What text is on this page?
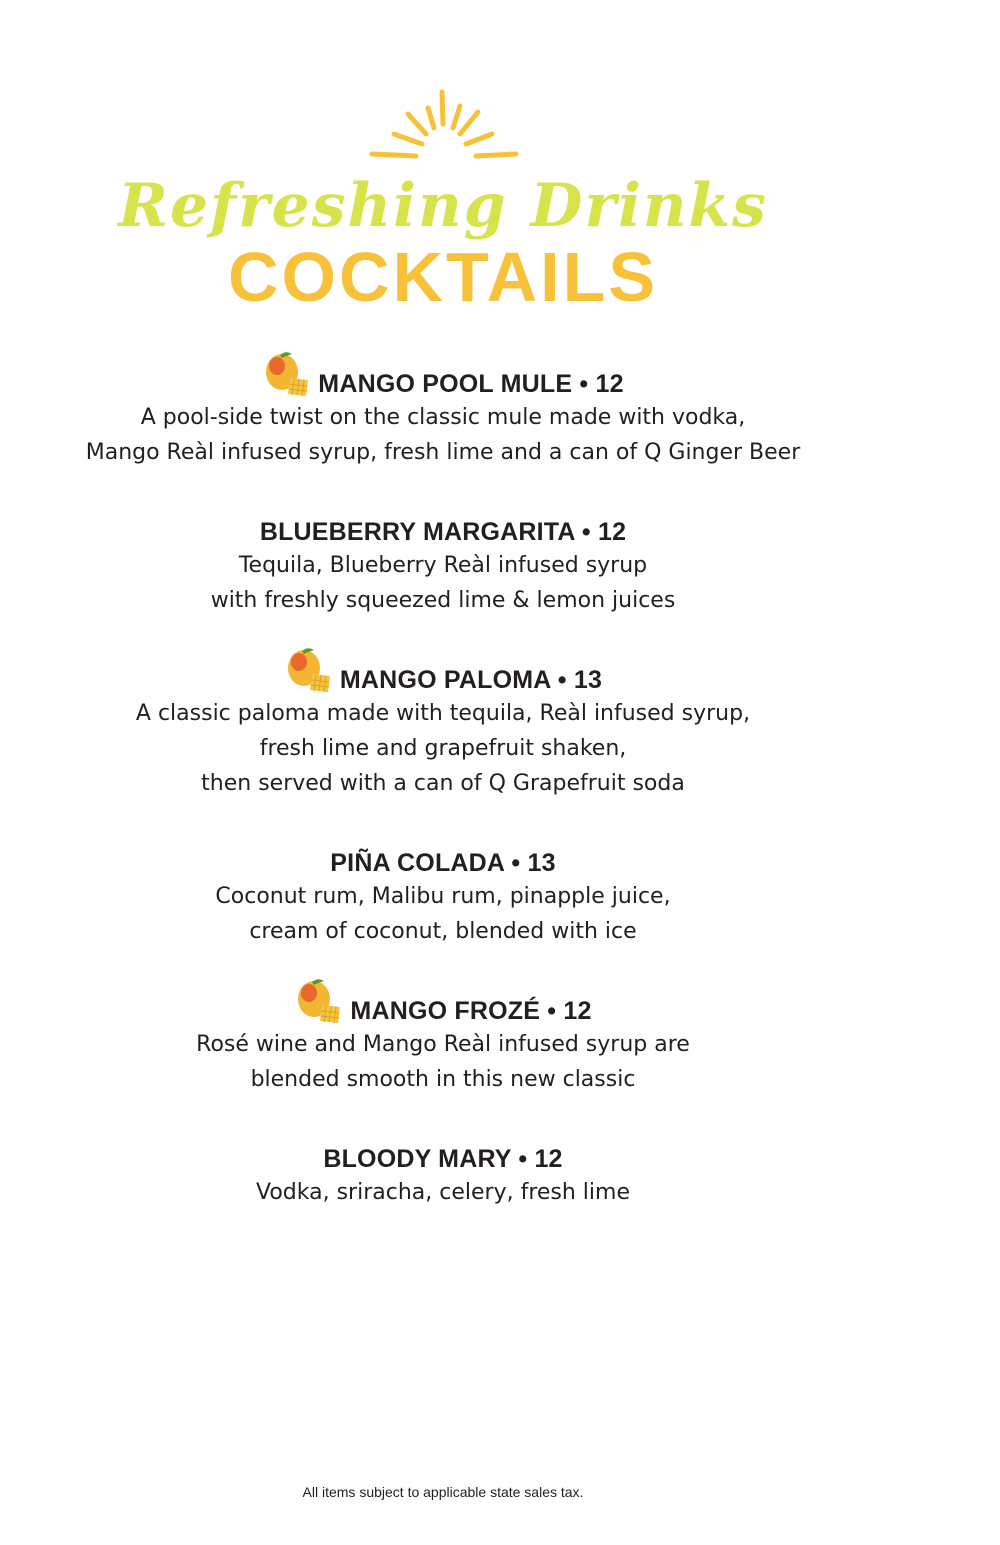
Refreshing Drinks
COCKTAILS
MANGO POOL MULE • 12

A pool-side twist on the classic mule made with vodka,

Mango Reàl infused syrup, fresh lime and a can of Q Ginger Beer

BLUEBERRY MARGARITA • 12

Tequila, Blueberry Reàl infused syrup

with freshly squeezed lime & lemon juices

MANGO PALOMA • 13

A classic paloma made with tequila, Reàl infused syrup,

fresh lime and grapefruit shaken,

then served with a can of Q Grapefruit soda

PIÑA COLADA • 13

Coconut rum, Malibu rum, pinapple juice,

cream of coconut, blended with ice

MANGO FROZÉ • 12

Rosé wine and Mango Reàl infused syrup are

blended smooth in this new classic

BLOODY MARY • 12

Vodka, sriracha, celery, fresh lime

All items subject to applicable state sales tax.
